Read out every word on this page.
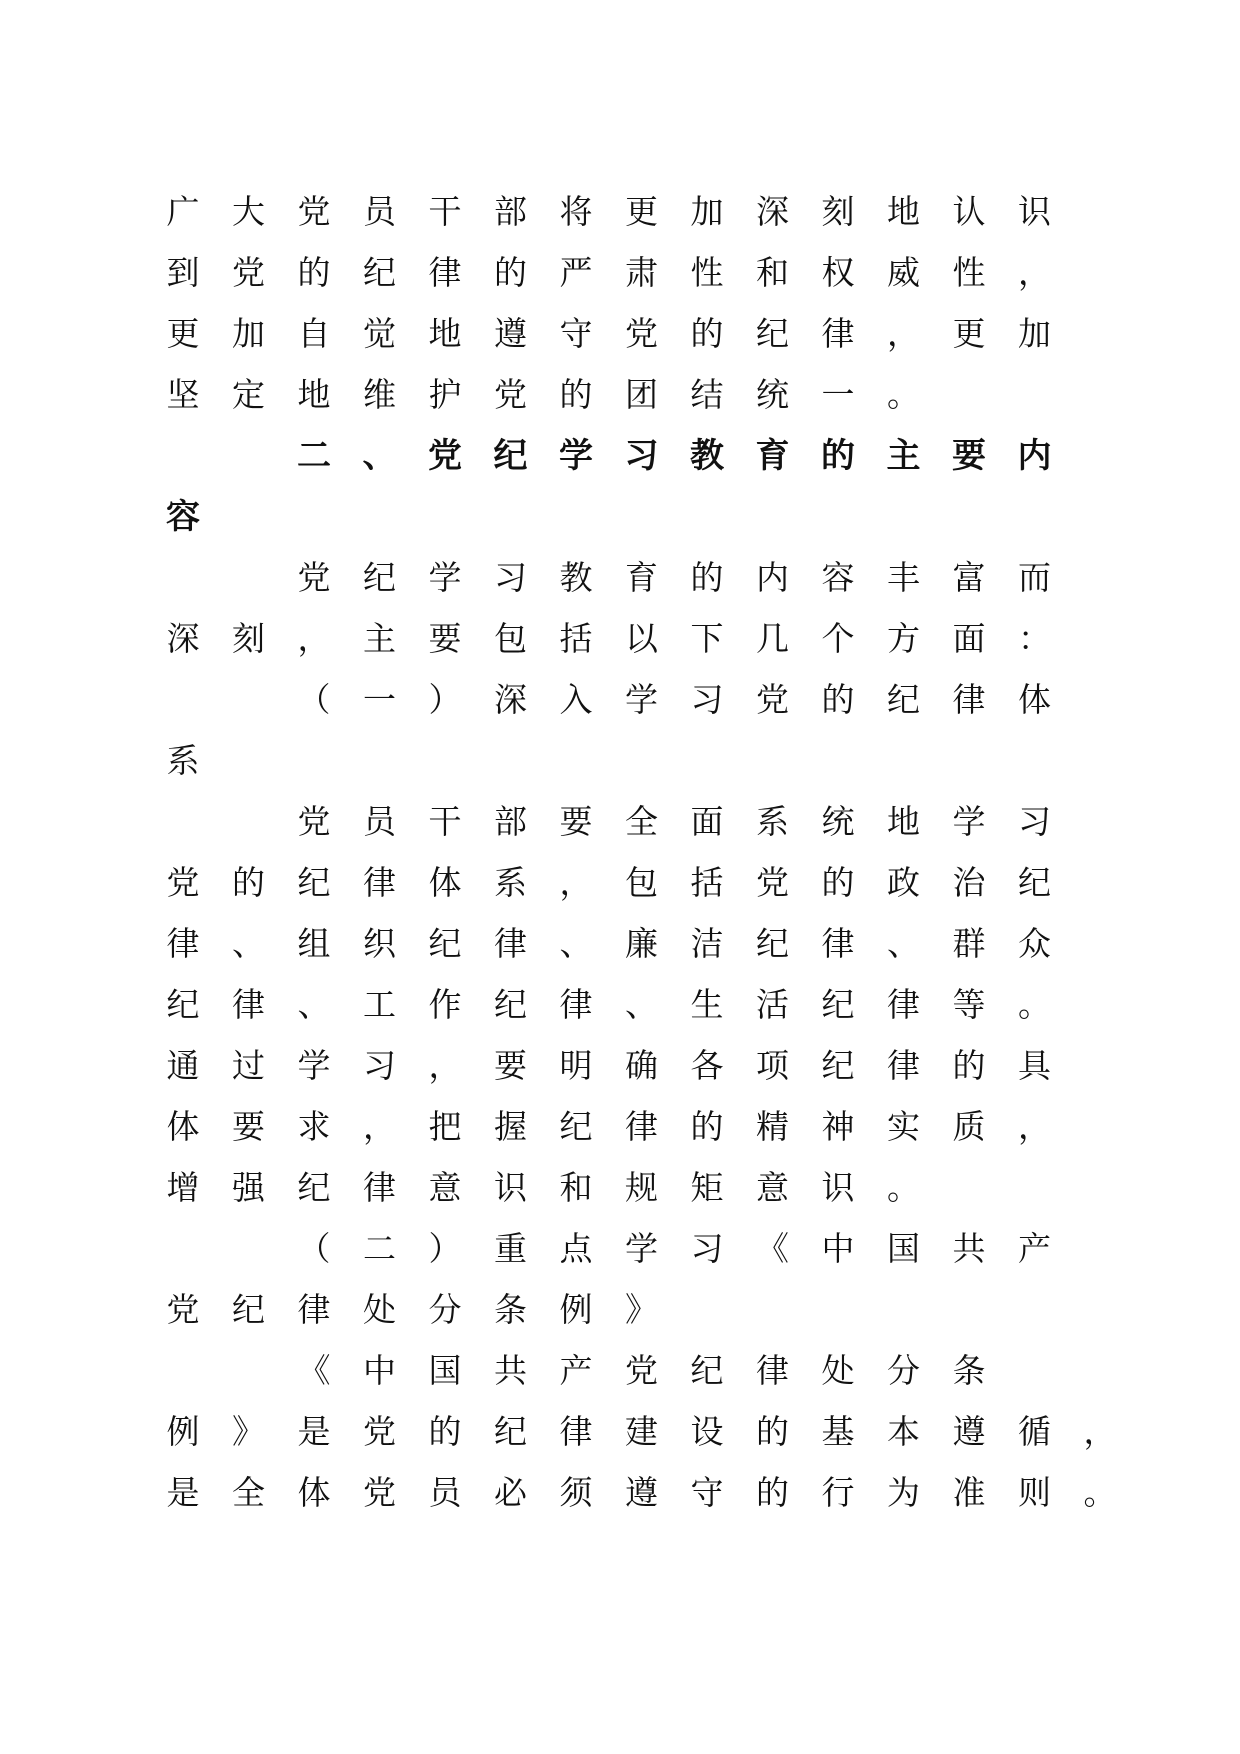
广 大 党 员 干 部 将 更 加 深 刻 地 认 识

到 党 的 纪 律 的 严 肃 性 和 权 威 性 ，

更 加 自 觉 地 遵 守 党 的 纪 律 ， 更 加

坚 定 地 维 护 党 的 团 结 统 一 。

二 、 党 纪 学 习 教 育 的 主 要 内
容

党 纪 学 习 教 育 的 内 容 丰 富 而

深 刻 ， 主 要 包 括 以 下 几 个 方 面 ：

（ 一 ） 深 入 学 习 党 的 纪 律 体

系

党 员 干 部 要 全 面 系 统 地 学 习

党 的 纪 律 体 系 ， 包 括 党 的 政 治 纪

律 、 组 织 纪 律 、 廉 洁 纪 律 、 群 众

纪 律 、 工 作 纪 律 、 生 活 纪 律 等 。

通 过 学 习 ， 要 明 确 各 项 纪 律 的 具

体 要 求 ， 把 握 纪 律 的 精 神 实 质 ，

增 强 纪 律 意 识 和 规 矩 意 识 。

（ 二 ） 重 点 学 习 《 中 国 共 产

党 纪 律 处 分 条 例 》

《 中 国 共 产 党 纪 律 处 分 条

例 》 是 党 的 纪 律 建 设 的 基 本 遵 循 ，

是 全 体 党 员 必 须 遵 守 的 行 为 准 则 。
